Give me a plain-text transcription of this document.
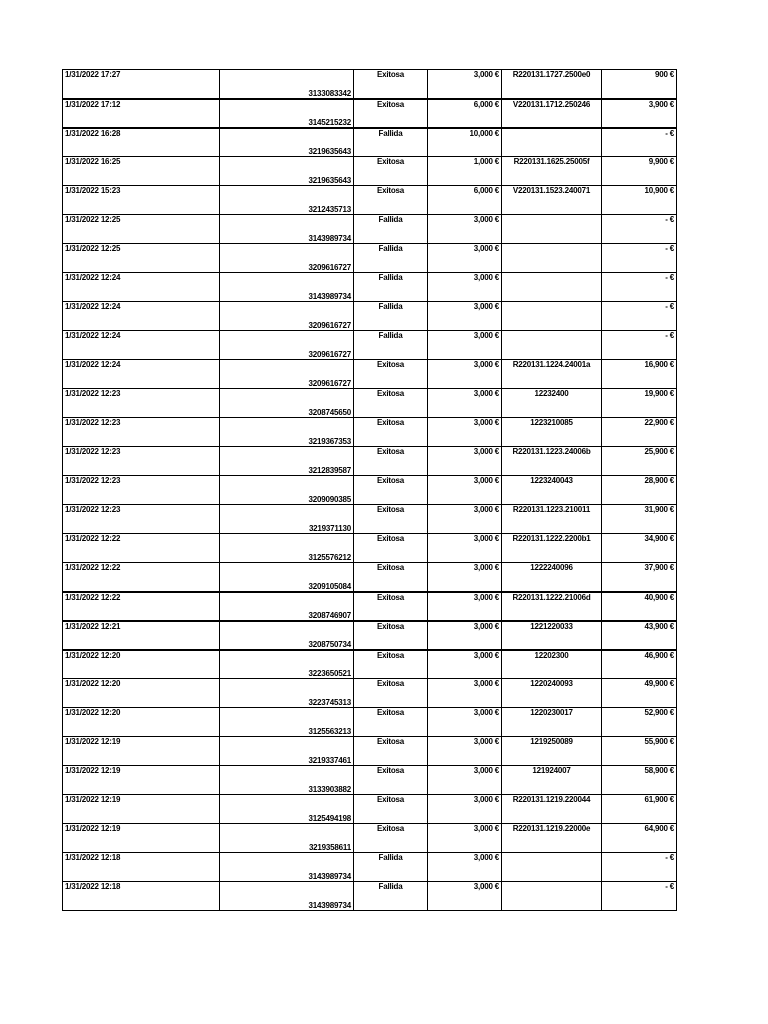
1/31/2022 17:27	3133083342	Exitosa	3,000 €	R220131.1727.2500e0	900 €
1/31/2022 17:12	3145215232	Exitosa	6,000 €	V220131.1712.250246	3,900 €
1/31/2022 16:28	3219635643	Fallida	10,000 €		- €
1/31/2022 16:25	3219635643	Exitosa	1,000 €	R220131.1625.25005f	9,900 €
1/31/2022 15:23	3212435713	Exitosa	6,000 €	V220131.1523.240071	10,900 €
1/31/2022 12:25	3143989734	Fallida	3,000 €		- €
1/31/2022 12:25	3209616727	Fallida	3,000 €		- €
1/31/2022 12:24	3143989734	Fallida	3,000 €		- €
1/31/2022 12:24	3209616727	Fallida	3,000 €		- €
1/31/2022 12:24	3209616727	Fallida	3,000 €		- €
1/31/2022 12:24	3209616727	Exitosa	3,000 €	R220131.1224.24001a	16,900 €
1/31/2022 12:23	3208745650	Exitosa	3,000 €	12232400	19,900 €
1/31/2022 12:23	3219367353	Exitosa	3,000 €	1223210085	22,900 €
1/31/2022 12:23	3212839587	Exitosa	3,000 €	R220131.1223.24006b	25,900 €
1/31/2022 12:23	3209090385	Exitosa	3,000 €	1223240043	28,900 €
1/31/2022 12:23	3219371130	Exitosa	3,000 €	R220131.1223.210011	31,900 €
1/31/2022 12:22	3125576212	Exitosa	3,000 €	R220131.1222.2200b1	34,900 €
1/31/2022 12:22	3209105084	Exitosa	3,000 €	1222240096	37,900 €
1/31/2022 12:22	3208746907	Exitosa	3,000 €	R220131.1222.21006d	40,900 €
1/31/2022 12:21	3208750734	Exitosa	3,000 €	1221220033	43,900 €
1/31/2022 12:20	3223650521	Exitosa	3,000 €	12202300	46,900 €
1/31/2022 12:20	3223745313	Exitosa	3,000 €	1220240093	49,900 €
1/31/2022 12:20	3125563213	Exitosa	3,000 €	1220230017	52,900 €
1/31/2022 12:19	3219337461	Exitosa	3,000 €	1219250089	55,900 €
1/31/2022 12:19	3133903882	Exitosa	3,000 €	121924007	58,900 €
1/31/2022 12:19	3125494198	Exitosa	3,000 €	R220131.1219.220044	61,900 €
1/31/2022 12:19	3219358611	Exitosa	3,000 €	R220131.1219.22000e	64,900 €
1/31/2022 12:18	3143989734	Fallida	3,000 €		- €
1/31/2022 12:18	3143989734	Fallida	3,000 €		- €
